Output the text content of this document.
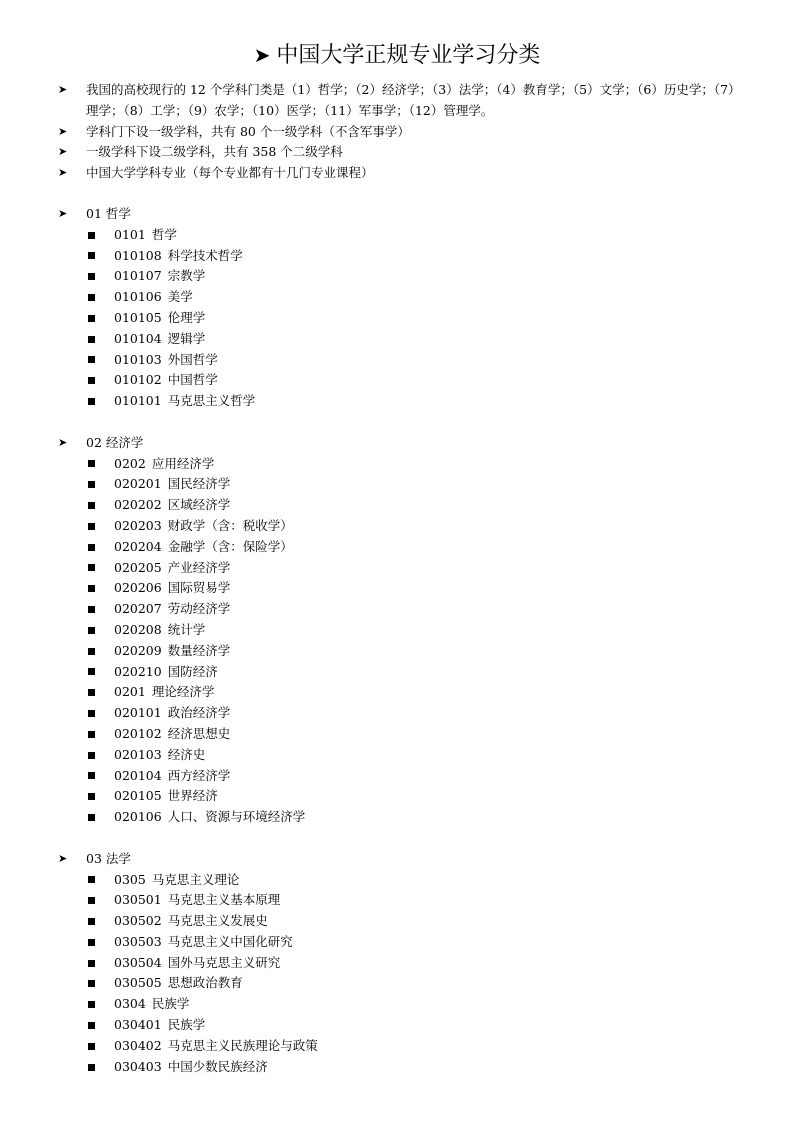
➤ 中国大学正规专业学习分类
➤	我国的高校现行的 12 个学科门类是（1）哲学；（2）经济学；（3）法学；（4）教育学；（5）文学；（6）历史学；（7）理学；（8）工学；（9）农学；（10）医学；（11）军事学；（12）管理学。
➤	学科门下设一级学科，共有 80 个一级学科（不含军事学）
➤	一级学科下设二级学科，共有 358 个二级学科
➤	中国大学学科专业（每个专业都有十几门专业课程）
➤	01 哲学
0101 哲学
010108 科学技术哲学
010107 宗教学
010106 美学
010105 伦理学
010104 逻辑学
010103 外国哲学
010102 中国哲学
010101 马克思主义哲学
➤	02 经济学
0202 应用经济学
020201 国民经济学
020202 区域经济学
020203 财政学（含：税收学）
020204 金融学（含：保险学）
020205 产业经济学
020206 国际贸易学
020207 劳动经济学
020208 统计学
020209 数量经济学
020210 国防经济
0201 理论经济学
020101 政治经济学
020102 经济思想史
020103 经济史
020104 西方经济学
020105 世界经济
020106 人口、资源与环境经济学
➤	03 法学
0305 马克思主义理论
030501 马克思主义基本原理
030502 马克思主义发展史
030503 马克思主义中国化研究
030504 国外马克思主义研究
030505 思想政治教育
0304 民族学
030401 民族学
030402 马克思主义民族理论与政策
030403 中国少数民族经济
